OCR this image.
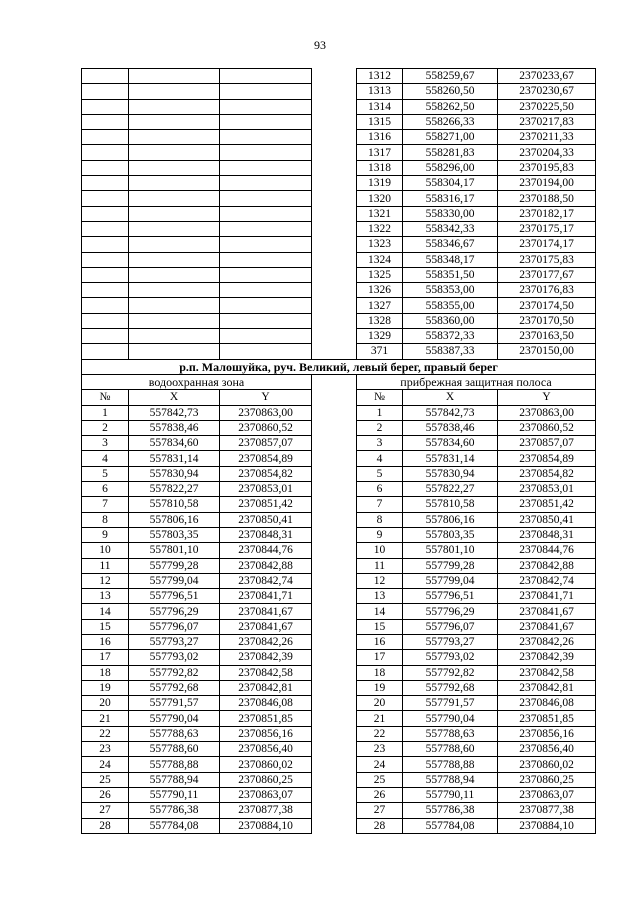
93
				1312	558259,67	2370233,67
				1313	558260,50	2370230,67
				1314	558262,50	2370225,50
				1315	558266,33	2370217,83
				1316	558271,00	2370211,33
				1317	558281,83	2370204,33
				1318	558296,00	2370195,83
				1319	558304,17	2370194,00
				1320	558316,17	2370188,50
				1321	558330,00	2370182,17
				1322	558342,33	2370175,17
				1323	558346,67	2370174,17
				1324	558348,17	2370175,83
				1325	558351,50	2370177,67
				1326	558353,00	2370176,83
				1327	558355,00	2370174,50
				1328	558360,00	2370170,50
				1329	558372,33	2370163,50
				371	558387,33	2370150,00
р.п. Малошуйка, руч. Великий, левый берег, правый берег						
водоохранная зона				прибрежная защитная полоса		
№	X	Y		№	X	Y
1	557842,73	2370863,00		1	557842,73	2370863,00
2	557838,46	2370860,52		2	557838,46	2370860,52
3	557834,60	2370857,07		3	557834,60	2370857,07
4	557831,14	2370854,89		4	557831,14	2370854,89
5	557830,94	2370854,82		5	557830,94	2370854,82
6	557822,27	2370853,01		6	557822,27	2370853,01
7	557810,58	2370851,42		7	557810,58	2370851,42
8	557806,16	2370850,41		8	557806,16	2370850,41
9	557803,35	2370848,31		9	557803,35	2370848,31
10	557801,10	2370844,76		10	557801,10	2370844,76
11	557799,28	2370842,88		11	557799,28	2370842,88
12	557799,04	2370842,74		12	557799,04	2370842,74
13	557796,51	2370841,71		13	557796,51	2370841,71
14	557796,29	2370841,67		14	557796,29	2370841,67
15	557796,07	2370841,67		15	557796,07	2370841,67
16	557793,27	2370842,26		16	557793,27	2370842,26
17	557793,02	2370842,39		17	557793,02	2370842,39
18	557792,82	2370842,58		18	557792,82	2370842,58
19	557792,68	2370842,81		19	557792,68	2370842,81
20	557791,57	2370846,08		20	557791,57	2370846,08
21	557790,04	2370851,85		21	557790,04	2370851,85
22	557788,63	2370856,16		22	557788,63	2370856,16
23	557788,60	2370856,40		23	557788,60	2370856,40
24	557788,88	2370860,02		24	557788,88	2370860,02
25	557788,94	2370860,25		25	557788,94	2370860,25
26	557790,11	2370863,07		26	557790,11	2370863,07
27	557786,38	2370877,38		27	557786,38	2370877,38
28	557784,08	2370884,10		28	557784,08	2370884,10
